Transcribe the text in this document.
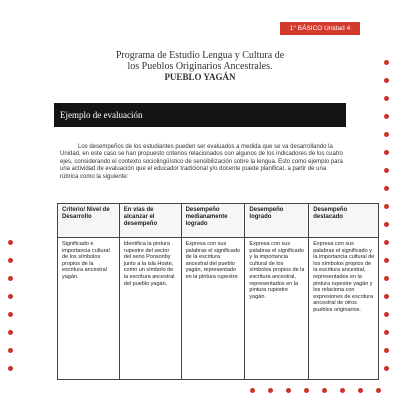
1° BÁSICO Unidad 4
Programa de Estudio Lengua y Cultura de
los Pueblos Originarios Ancestrales.
PUEBLO YAGÁN
Ejemplo de evaluación
Los desempeños de los estudiantes pueden ser evaluados a medida que se va desarrollando la Unidad, en este caso se han propuesto criterios relacionados con algunos de los indicadores de los cuatro ejes, considerando el contexto sociolingüístico de sensibilización sobre la lengua. Esto como ejemplo para una actividad de evaluación que el educador tradicional y/o docente puede planificar, a partir de una rúbrica como la siguiente:
Criterio/ Nivel de Desarrollo	En vías de alcanzar el desempeño	Desempeño medianamente logrado	Desempeño logrado	Desempeño destacado
Significado e importancia cultural de los símbolos propios de la escritura ancestral yagán.	Identifica la pintura rupestre del sector del seno Ponsonby junto a la isla Hoste, como un símbolo de la escritura ancestral del pueblo yagán.	Expresa con sus palabras el significado de la escritura ancestral del pueblo yagán, representado en la pintura rupestre.	Expresa con sus palabras el significado y la importancia cultural de los símbolos propios de la escritura ancestral, representados en la pintura rupestre yagán.	Expresa con sus palabras el significado y la importancia cultural de los símbolos propios de la escritura ancestral, representados en la pintura rupestre yagán y los relaciona con expresiones de escritura ancestral de otros pueblos originarios.
